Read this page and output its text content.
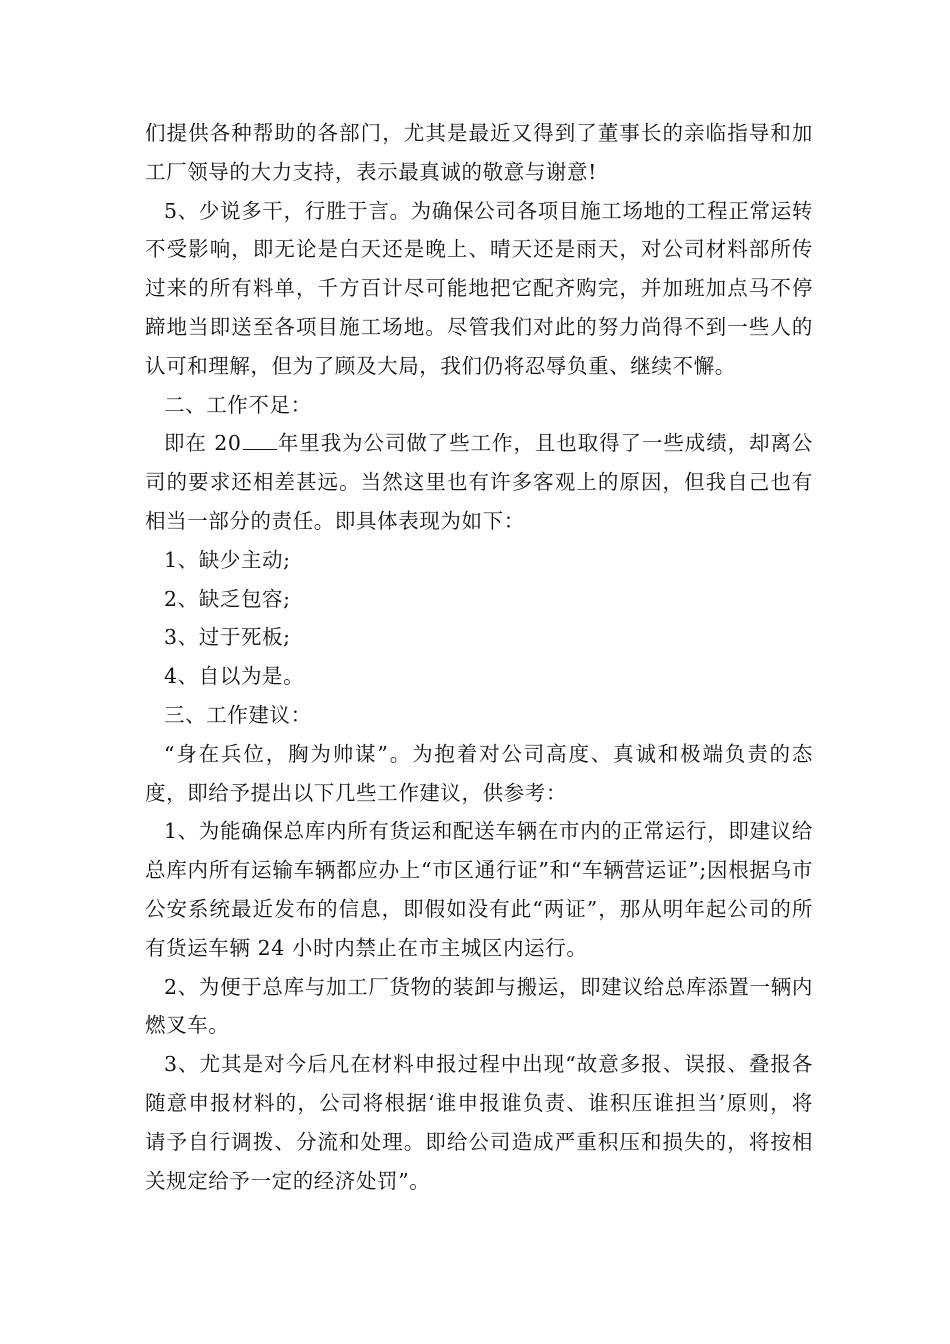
们提供各种帮助的各部门，尤其是最近又得到了董事长的亲临指导和加工厂领导的大力支持，表示最真诚的敬意与谢意!

5、少说多干，行胜于言。为确保公司各项目施工场地的工程正常运转不受影响，即无论是白天还是晚上、晴天还是雨天，对公司材料部所传过来的所有料单，千方百计尽可能地把它配齐购完，并加班加点马不停蹄地当即送至各项目施工场地。尽管我们对此的努力尚得不到一些人的认可和理解，但为了顾及大局，我们仍将忍辱负重、继续不懈。

二、工作不足：

即在 20 年里我为公司做了些工作，且也取得了一些成绩，却离公司的要求还相差甚远。当然这里也有许多客观上的原因，但我自己也有相当一部分的责任。即具体表现为如下：

1、缺少主动;

2、缺乏包容;

3、过于死板;

4、自以为是。

三、工作建议：

“身在兵位，胸为帅谋”。为抱着对公司高度、真诚和极端负责的态度，即给予提出以下几些工作建议，供参考：

1、为能确保总库内所有货运和配送车辆在市内的正常运行，即建议给总库内所有运输车辆都应办上“市区通行证”和“车辆营运证”;因根据乌市公安系统最近发布的信息，即假如没有此“两证”，那从明年起公司的所有货运车辆 24 小时内禁止在市主城区内运行。

2、为便于总库与加工厂货物的装卸与搬运，即建议给总库添置一辆内燃叉车。

3、尤其是对今后凡在材料申报过程中出现“故意多报、误报、叠报各随意申报材料的，公司将根据‘谁申报谁负责、谁积压谁担当’原则，将请予自行调拨、分流和处理。即给公司造成严重积压和损失的，将按相关规定给予一定的经济处罚”。
